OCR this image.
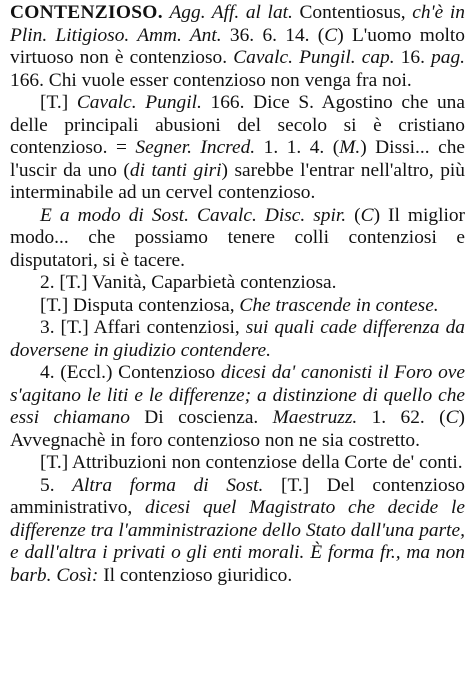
CONTENZIOSO. Agg. Aff. al lat. Contentiosus, ch'è in Plin. Litigioso. Amm. Ant. 36. 6. 14. (C) L'uomo molto virtuoso non è contenzioso. Cavalc. Pungil. cap. 16. pag. 166. Chi vuole esser contenzioso non venga fra noi.

[T.] Cavalc. Pungil. 166. Dice S. Agostino che una delle principali abusioni del secolo si è cristiano contenzioso. = Segner. Incred. 1. 1. 4. (M.) Dissi... che l'uscir da uno (di tanti giri) sarebbe l'entrar nell'altro, più interminabile ad un cervel contenzioso.

E a modo di Sost. Cavalc. Disc. spir. (C) Il miglior modo... che possiamo tenere colli contenziosi e disputatori, si è tacere.

2. [T.] Vanità, Caparbietà contenziosa.

[T.] Disputa contenziosa, Che trascende in contese.

3. [T.] Affari contenziosi, sui quali cade differenza da doversene in giudizio contendere.

4. (Eccl.) Contenzioso dicesi da' canonisti il Foro ove s'agitano le liti e le differenze; a distinzione di quello che essi chiamano Di coscienza. Maestruzz. 1. 62. (C) Avvegnachè in foro contenzioso non ne sia costretto.

[T.] Attribuzioni non contenziose della Corte de' conti.

5. Altra forma di Sost. [T.] Del contenzioso amministrativo, dicesi quel Magistrato che decide le differenze tra l'amministrazione dello Stato dall'una parte, e dall'altra i privati o gli enti morali. È forma fr., ma non barb. Così: Il contenzioso giuridico.
